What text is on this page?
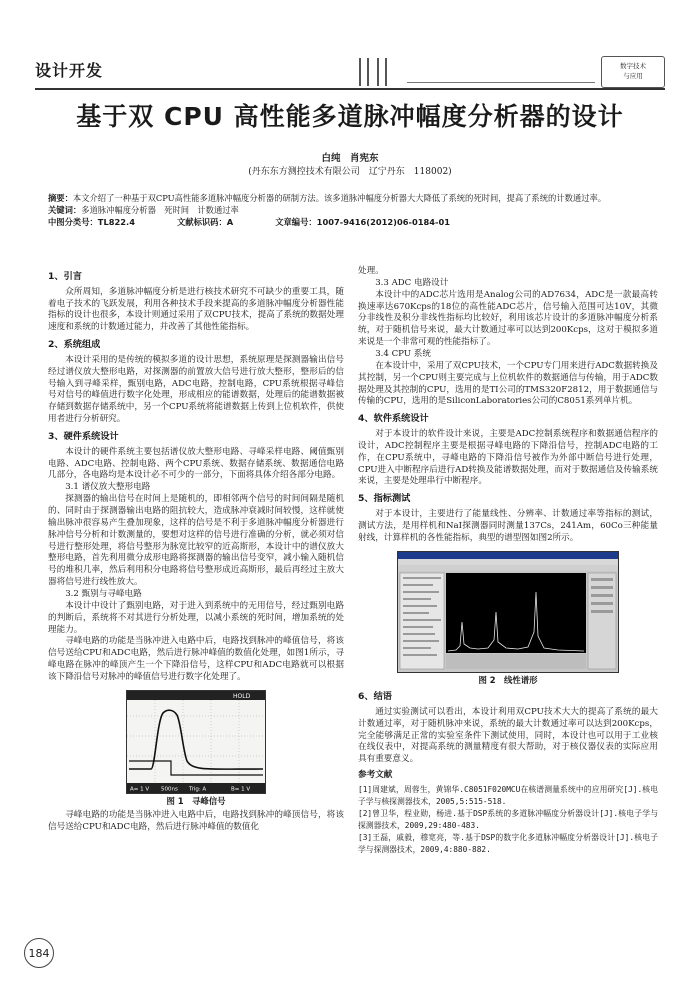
设计开发	数字技术
与应用
基于双 CPU 高性能多道脉冲幅度分析器的设计
白纯　肖宪东
(丹东东方测控技术有限公司　辽宁丹东　118002)
摘要：本文介绍了一种基于双CPU高性能多道脉冲幅度分析器的研制方法。该多道脉冲幅度分析器大大降低了系统的死时间，提高了系统的计数通过率。
关键词：多道脉冲幅度分析器　死时间　计数通过率
中图分类号：TL822.4	文献标识码：A	文章编号：1007-9416(2012)06-0184-01
1、引言

众所周知，多道脉冲幅度分析是进行核技术研究不可缺少的重要工具，随着电子技术的飞跃发展，利用各种技术手段来提高的多道脉冲幅度分析器性能指标的设计也很多，本设计则通过采用了双CPU技术，提高了系统的数据处理速度和系统的计数通过能力，并改善了其他性能指标。

2、系统组成

本设计采用的是传统的模拟多道的设计思想，系统原理是探测器输出信号经过谱仪放大整形电路，对探测器的前置放大信号进行放大整形，整形后的信号输入到寻峰采样，甄别电路，ADC电路，控制电路，CPU系统根据寻峰信号对信号的峰值进行数字化处理，形成相应的能谱数据，处理后的能谱数据被存储到数据存储系统中，另一个CPU系统将能谱数据上传到上位机软件，供使用者进行分析研究。

3、硬件系统设计

本设计的硬件系统主要包括谱仪放大整形电路、寻峰采样电路、阈值甄别电路、ADC电路、控制电路、两个CPU系统、数据存储系统、数据通信电路几部分，各电路均是本设计必不可少的一部分，下面将具体介绍各部分电路。

3.1 谱仪放大整形电路

探测器的输出信号在时间上是随机的，即相邻两个信号的时间间隔是随机的、同时由于探测器输出电路的阻抗较大，造成脉冲衰减时间较慢，这样就使输出脉冲很容易产生叠加现象，这样的信号是不利于多道脉冲幅度分析器进行脉冲信号分析和计数测量的，要想对这样的信号进行准确的分析，就必须对信号进行整形处理，将信号整形为脉宽比较窄的近高斯形，本设计中的谱仪放大整形电路，首先利用微分成形电路将探测器的输出信号变窄，减小输入随机信号的堆积几率，然后利用积分电路将信号整形成近高斯形，最后再经过主放大器将信号进行线性放大。

3.2 甄别与寻峰电路

本设计中设计了甄别电路，对于进入到系统中的无用信号，经过甄别电路的判断后，系统将不对其进行分析处理，以减小系统的死时间，增加系统的处理能力。

寻峰电路的功能是当脉冲进入电路中后，电路找到脉冲的峰值信号，将该信号送给CPU和ADC电路，然后进行脉冲峰值的数值化处理，如图1所示，寻峰电路在脉冲的峰顶产生一个下降沿信号，这样CPU和ADC电路就可以根据该下降沿信号对脉冲的峰值信号进行数字化处理了。

HOLD
A= 1 V 500ns Trig: A	B= 1 V
图 1　寻峰信号

寻峰电路的功能是当脉冲进入电路中后，电路找到脉冲的峰顶信号，将该信号送给CPU和ADC电路，然后进行脉冲峰值的数值化

处理。

3.3 ADC 电路设计

本设计中的ADC芯片选用是Analog公司的AD7634，ADC是一款最高转换速率达670Kcps的18位的高性能ADC芯片，信号输入范围可达10V，其微分非线性及积分非线性指标均比较好，利用该芯片设计的多道脉冲幅度分析系统，对于随机信号来说，最大计数通过率可以达到200Kcps，这对于模拟多道来说是一个非常可观的性能指标了。

3.4 CPU 系统

在本设计中，采用了双CPU技术，一个CPU专门用来进行ADC数据转换及其控制，另一个CPU则主要完成与上位机软件的数据通信与传输，用于ADC数据处理及其控制的CPU，选用的是TI公司的TMS320F2812，用于数据通信与传输的CPU，选用的是SiliconLaboratories公司的C8051系列单片机。

4、软件系统设计

对于本设计的软件设计来说，主要是ADC控制系统程序和数据通信程序的设计，ADC控制程序主要是根据寻峰电路的下降沿信号，控制ADC电路的工作，在CPU系统中，寻峰电路的下降沿信号被作为外部中断信号进行处理，CPU进入中断程序后进行AD转换及能谱数据处理，而对于数据通信及传输系统来说，主要是处理串行中断程序。

5、指标测试

对于本设计，主要进行了能量线性、分辨率、计数通过率等指标的测试，测试方法，是用样机和NaI探测器同时测量137Cs，241Am，60Co三种能量射线，计算样机的各性能指标，典型的谱型图如图2所示。

图 2　线性谱形
6、结语

通过实验测试可以看出，本设计利用双CPU技术大大的提高了系统的最大计数通过率，对于随机脉冲来说，系统的最大计数通过率可以达到200Kcps，完全能够满足正常的实验室条件下测试使用，同时，本设计也可以用于工业核在线仪表中，对提高系统的测量精度有很大帮助，对于核仪器仪表的实际应用具有重要意义。

参考文献
[1]周建斌，周蓉生，黄锦华.C8051F020MCU在核谱测量系统中的应用研究[J].核电子学与核探测器技术，2005,5:515-518.
[2]曾卫华，程业勋，杨进.基于DSP系统的多道脉冲幅度分析器设计[J].核电子学与探测器技术，2009,29:480-483.
[3]王磊，戚毅，穆宽亮，等.基于DSP的数字化多道脉冲幅度分析器设计[J].核电子学与探测器技术，2009,4:880-882.
184
